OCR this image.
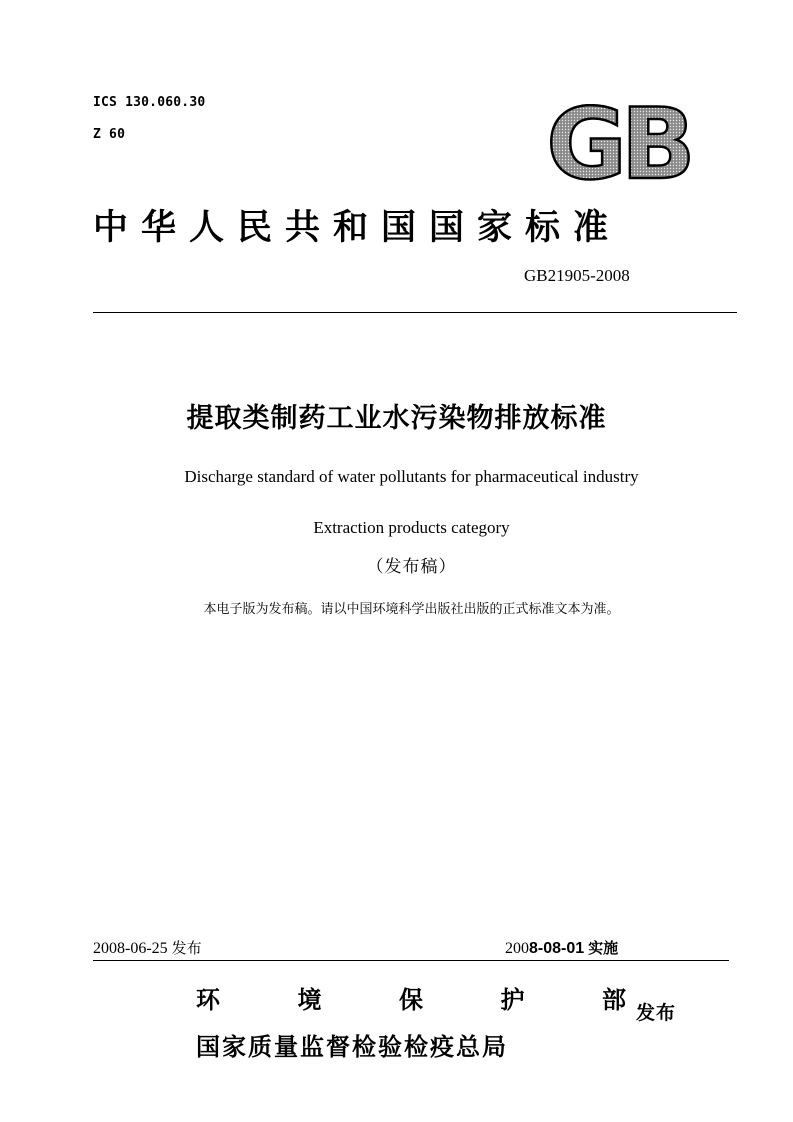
ICS 130.060.30
Z 60	GB
中华人民共和国国家标准
GB21905-2008
提取类制药工业水污染物排放标准
Discharge standard of water pollutants for pharmaceutical industry
Extraction products category
（发布稿）
本电子版为发布稿。请以中国环境科学出版社出版的正式标准文本为准。
2008-06-25 发布	2008-08-01 实施
环	境	保	护	部 发布
国家质量监督检验检疫总局
